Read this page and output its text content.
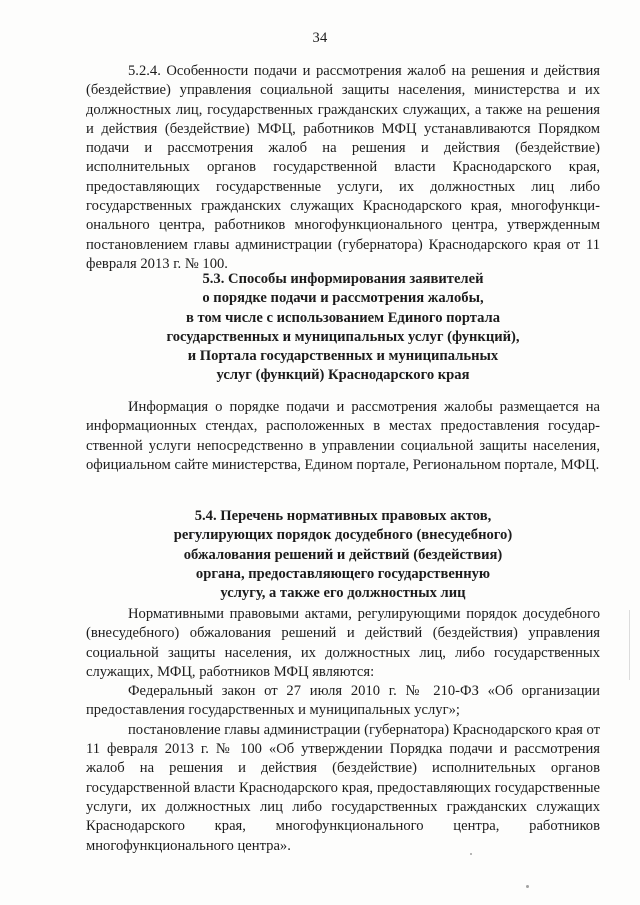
34

5.2.4. Особенности подачи и рассмотрения жалоб на решения и действия (бездействие) управления социальной защиты населения, министерства и их должностных лиц, государственных гражданских служащих, а также на решения и действия (бездействие) МФЦ, работников МФЦ устанавливаются Порядком подачи и рассмотрения жалоб на решения и действия (бездействие) исполнительных органов государственной власти Краснодарского края, предоставляющих государственные услуги, их должностных лиц либо государственных гражданских служащих Краснодарского края, многофункционального центра, работников многофункционального центра, утвержденным постановлением главы администрации (губернатора) Краснодарского края от 11 февраля 2013 г. № 100.

5.3. Способы информирования заявителей
о порядке подачи и рассмотрения жалобы,
в том числе с использованием Единого портала
государственных и муниципальных услуг (функций),
и Портала государственных и муниципальных
услуг (функций) Краснодарского края

Информация о порядке подачи и рассмотрения жалобы размещается на информационных стендах, расположенных в местах предоставления государственной услуги непосредственно в управлении социальной защиты населения, официальном сайте министерства, Едином портале, Региональном портале, МФЦ.

5.4. Перечень нормативных правовых актов,
регулирующих порядок досудебного (внесудебного)
обжалования решений и действий (бездействия)
органа, предоставляющего государственную
услугу, а также его должностных лиц

Нормативными правовыми актами, регулирующими порядок досудебного (внесудебного) обжалования решений и действий (бездействия) управления социальной защиты населения, их должностных лиц, либо государственных служащих, МФЦ, работников МФЦ являются:

Федеральный закон от 27 июля 2010 г. № 210-ФЗ «Об организации предоставления государственных и муниципальных услуг»;

постановление главы администрации (губернатора) Краснодарского края от 11 февраля 2013 г. № 100 «Об утверждении Порядка подачи и рассмотрения жалоб на решения и действия (бездействие) исполнительных органов государственной власти Краснодарского края, предоставляющих государственные услуги, их должностных лиц либо государственных гражданских служащих Краснодарского края, многофункционального центра, работников многофункционального центра».
